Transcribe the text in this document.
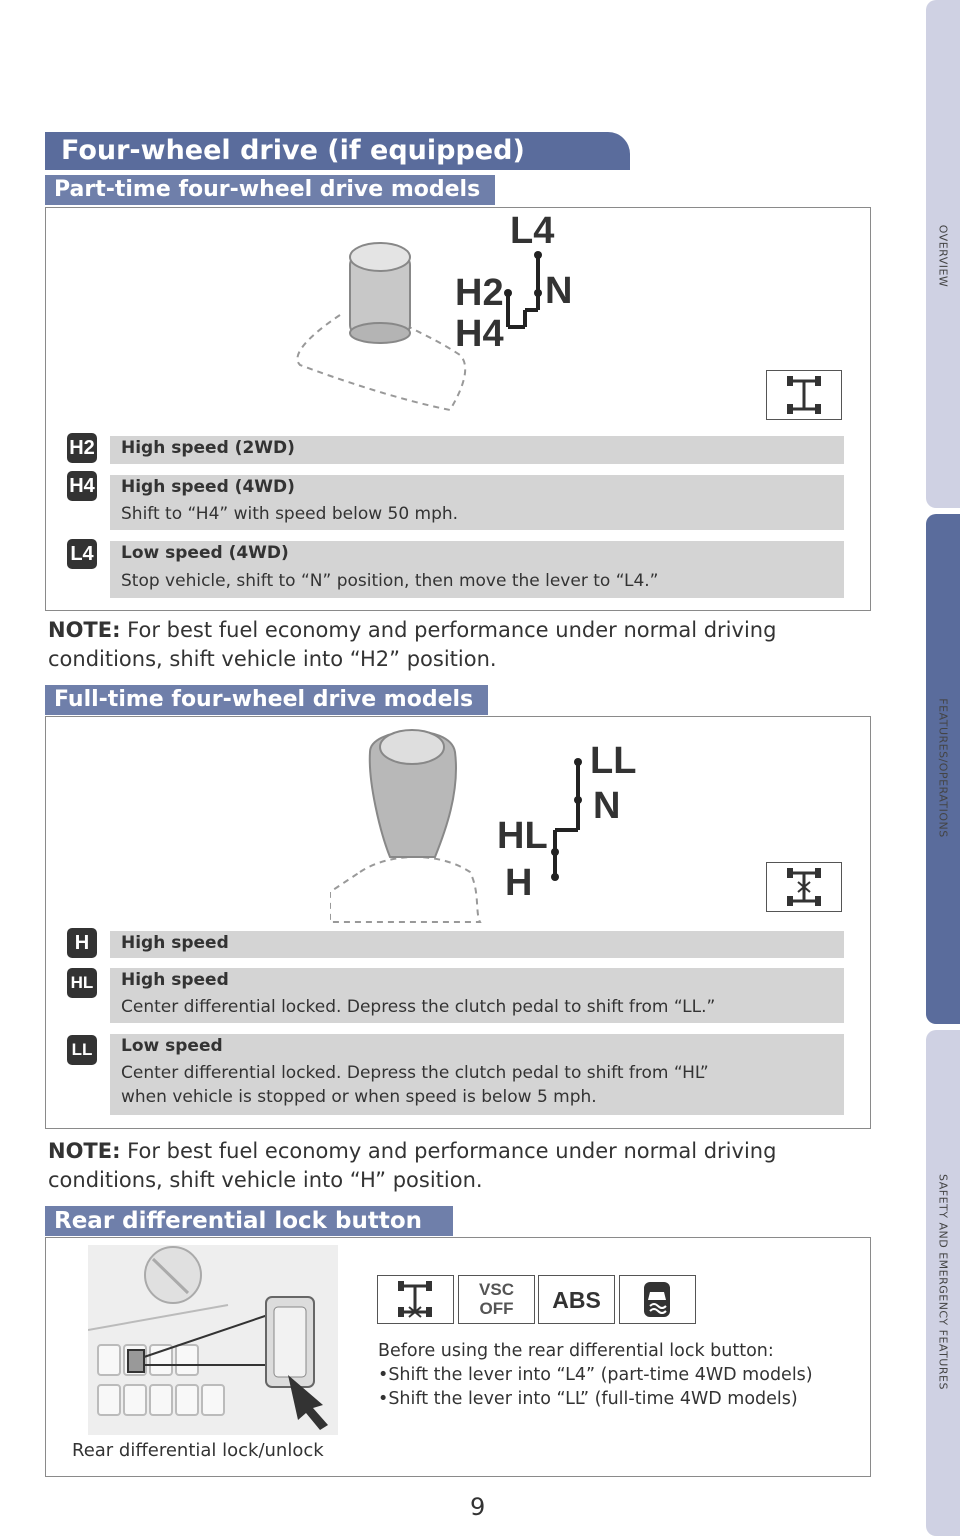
OVERVIEW
FEATURES/OPERATIONS
SAFETY AND EMERGENCY FEATURES
Four-wheel drive (if equipped)
Part-time four-wheel drive models
L4
H2
H4
N
H2 High speed (2WD)
H4 High speed (4WD)
Shift to “H4” with speed below 50 mph.
L4 Low speed (4WD)
Stop vehicle, shift to “N” position, then move the lever to “L4.”
NOTE: For best fuel economy and performance under normal driving
conditions, shift vehicle into “H2” position.
Full-time four-wheel drive models
LL
N
HL
H
H	High speed
HL High speed
Center differential locked. Depress the clutch pedal to shift from “LL.”
LL Low speed
Center differential locked. Depress the clutch pedal to shift from “HL”
when vehicle is stopped or when speed is below 5 mph.
NOTE: For best fuel economy and performance under normal driving
conditions, shift vehicle into “H” position.
Rear differential lock button
Rear differential lock/unlock
VSC
OFF	ABS
Before using the rear differential lock button:
•Shift the lever into “L4” (part-time 4WD models)
•Shift the lever into “LL” (full-time 4WD models)
9
